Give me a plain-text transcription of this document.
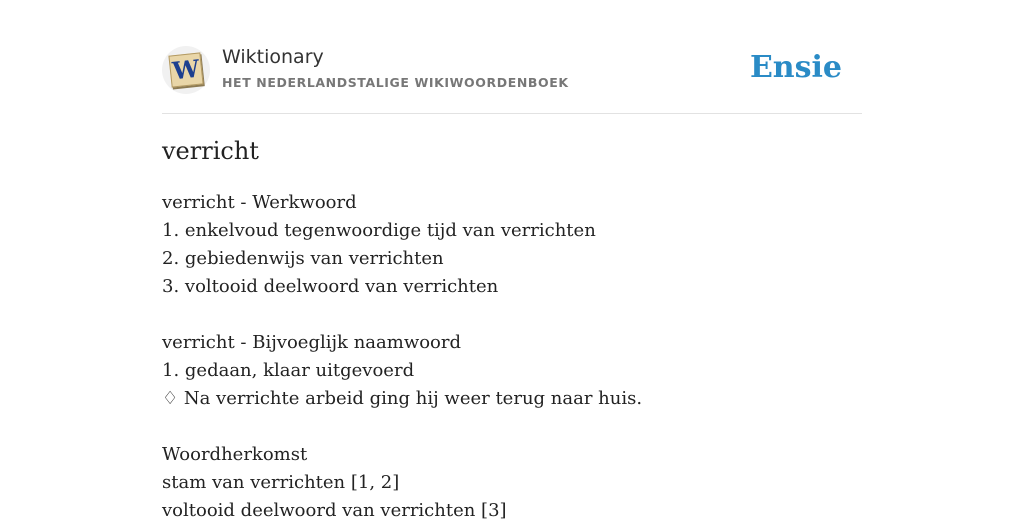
W Wiktionary
HET NEDERLANDSTALIGE WIKIWOORDENBOEK	Ensie
verricht
verricht - Werkwoord
1. enkelvoud tegenwoordige tijd van verrichten
2. gebiedenwijs van verrichten
3. voltooid deelwoord van verrichten
verricht - Bijvoeglijk naamwoord
1. gedaan, klaar uitgevoerd
♢ Na verrichte arbeid ging hij weer terug naar huis.
Woordherkomst
stam van verrichten [1, 2]
voltooid deelwoord van verrichten [3]
